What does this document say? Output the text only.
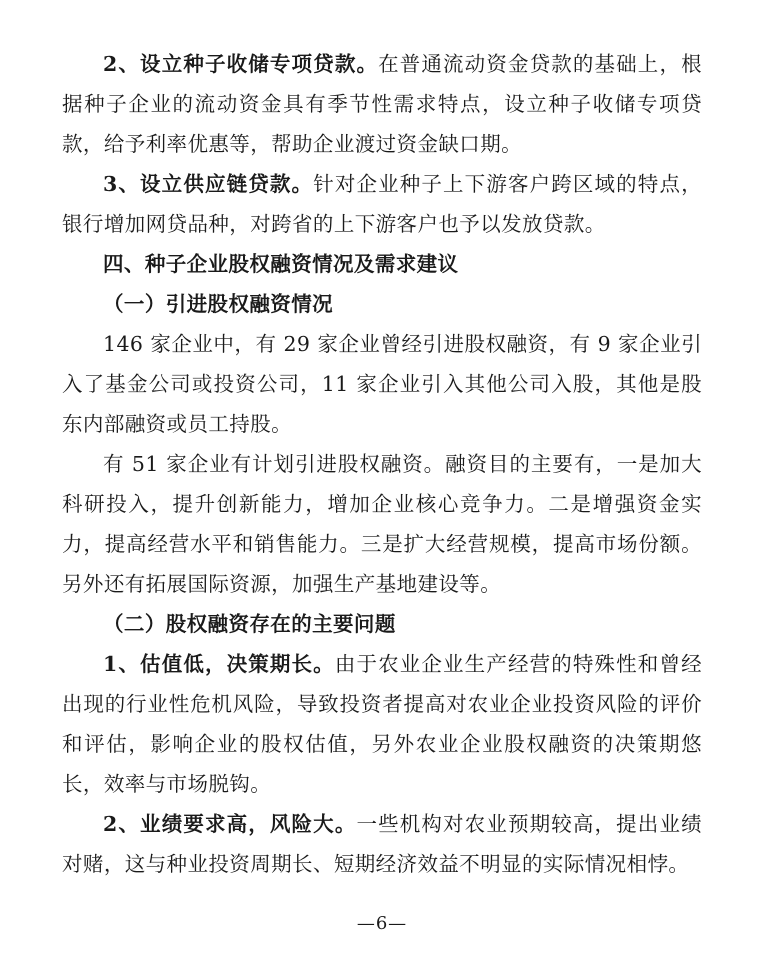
2、设立种子收储专项贷款。在普通流动资金贷款的基础上，根据种子企业的流动资金具有季节性需求特点，设立种子收储专项贷款，给予利率优惠等，帮助企业渡过资金缺口期。

3、设立供应链贷款。针对企业种子上下游客户跨区域的特点，银行增加网贷品种，对跨省的上下游客户也予以发放贷款。

四、种子企业股权融资情况及需求建议
（一）引进股权融资情况

146 家企业中，有 29 家企业曾经引进股权融资，有 9 家企业引入了基金公司或投资公司，11 家企业引入其他公司入股，其他是股东内部融资或员工持股。

有 51 家企业有计划引进股权融资。融资目的主要有，一是加大科研投入，提升创新能力，增加企业核心竞争力。二是增强资金实力，提高经营水平和销售能力。三是扩大经营规模，提高市场份额。另外还有拓展国际资源，加强生产基地建设等。

（二）股权融资存在的主要问题

1、估值低，决策期长。由于农业企业生产经营的特殊性和曾经出现的行业性危机风险，导致投资者提高对农业企业投资风险的评价和评估，影响企业的股权估值，另外农业企业股权融资的决策期悠长，效率与市场脱钩。

2、业绩要求高，风险大。一些机构对农业预期较高，提出业绩对赌，这与种业投资周期长、短期经济效益不明显的实际情况相悖。

—6—
